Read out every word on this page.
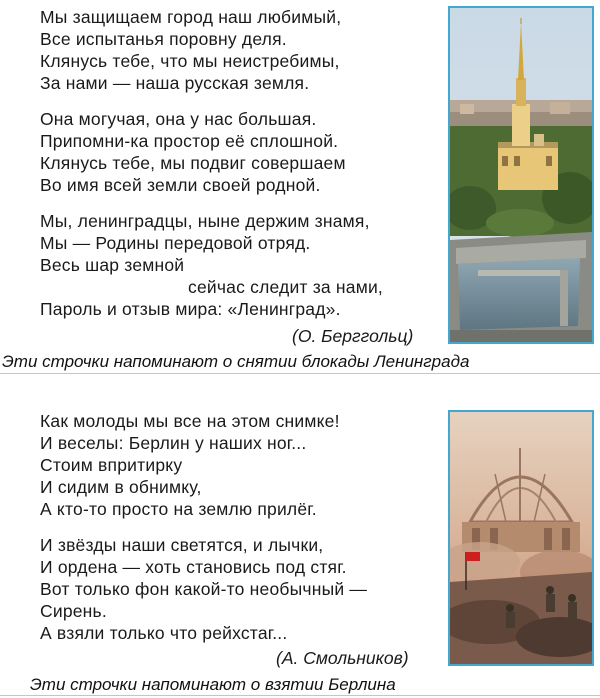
Мы защищаем город наш любимый,
Все испытанья поровну деля.
Клянусь тебе, что мы неистребимы,
За нами — наша русская земля.
Она могучая, она у нас большая.
Припомни-ка простор её сплошной.
Клянусь тебе, мы подвиг совершаем
Во имя всей земли своей родной.
Мы, ленинградцы, ныне держим знамя,
Мы — Родины передовой отряд.
Весь шар земной
сейчас следит за нами,
Пароль и отзыв мира: «Ленинград».
(О. Берггольц)
Эти строчки напоминают о снятии блокады Ленинграда
Как молоды мы все на этом снимке!
И веселы: Берлин у наших ног...
Стоим впритирку
И сидим в обнимку,
А кто-то просто на землю прилёг.
И звёзды наши светятся, и лычки,
И ордена — хоть становись под стяг.
Вот только фон какой-то необычный —
Сирень.
А взяли только что рейхстаг...
(А. Смольников)
Эти строчки напоминают о взятии Берлина
